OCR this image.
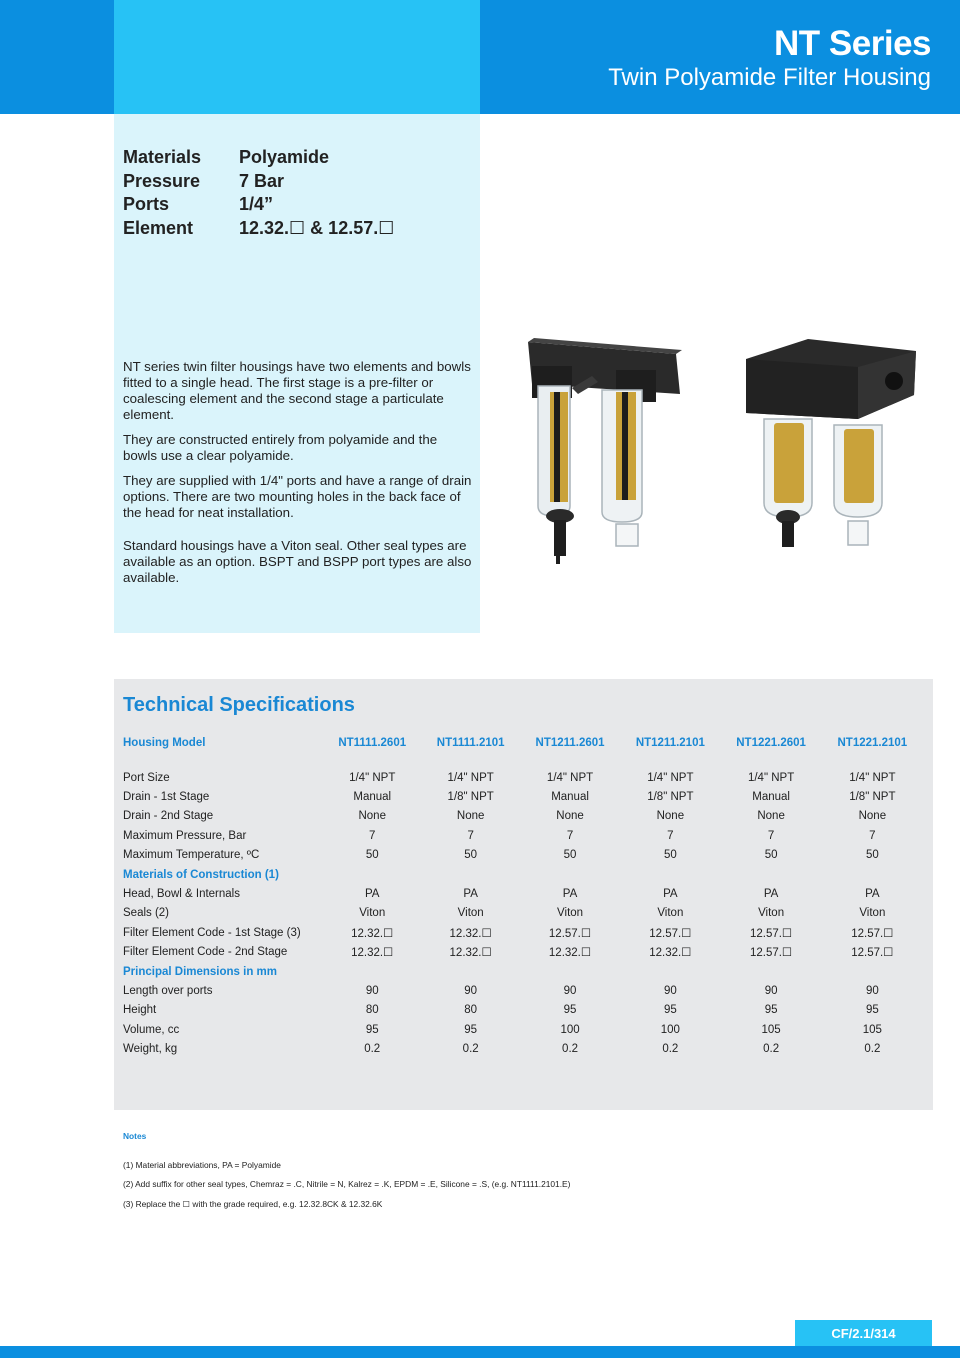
NT Series
Twin Polyamide Filter Housing
Materials	Polyamide
Pressure	7 Bar
Ports	1/4”
Element	12.32.☐ & 12.57.☐

NT series twin filter housings have two elements and bowls fitted to a single head. The first stage is a pre-filter or coalescing element and the second stage a particulate element.

They are constructed entirely from polyamide and the bowls use a clear polyamide.

They are supplied with 1/4" ports and have a range of drain options. There are two mounting holes in the back face of the head for neat installation.

Standard housings have a Viton seal. Other seal types are available as an option. BSPT and BSPP port types are also available.

Technical Specifications
Housing Model	NT1111.2601	NT1111.2101	NT1211.2601	NT1211.2101	NT1221.2601	NT1221.2101

Port Size	1/4" NPT	1/4" NPT	1/4" NPT	1/4" NPT	1/4" NPT	1/4" NPT
Drain - 1st Stage	Manual	1/8" NPT	Manual	1/8" NPT	Manual	1/8" NPT
Drain - 2nd Stage	None	None	None	None	None	None
Maximum Pressure, Bar	7	7	7	7	7	7
Maximum Temperature, ºC	50	50	50	50	50	50
Materials of Construction (1)						
Head, Bowl & Internals	PA	PA	PA	PA	PA	PA
Seals (2)	Viton	Viton	Viton	Viton	Viton	Viton
Filter Element Code - 1st Stage (3)	12.32.☐	12.32.☐	12.57.☐	12.57.☐	12.57.☐	12.57.☐
Filter Element Code - 2nd Stage	12.32.☐	12.32.☐	12.32.☐	12.32.☐	12.57.☐	12.57.☐
Principal Dimensions in mm						
Length over ports	90	90	90	90	90	90
Height	80	80	95	95	95	95
Volume, cc	95	95	100	100	105	105
Weight, kg	0.2	0.2	0.2	0.2	0.2	0.2
Notes
(1) Material abbreviations, PA = Polyamide
(2) Add suffix for other seal types, Chemraz = .C, Nitrile = N, Kalrez = .K, EPDM = .E, Silicone = .S, (e.g. NT1111.2101.E)
(3) Replace the ☐ with the grade required, e.g. 12.32.8CK & 12.32.6K
CF/2.1/314
